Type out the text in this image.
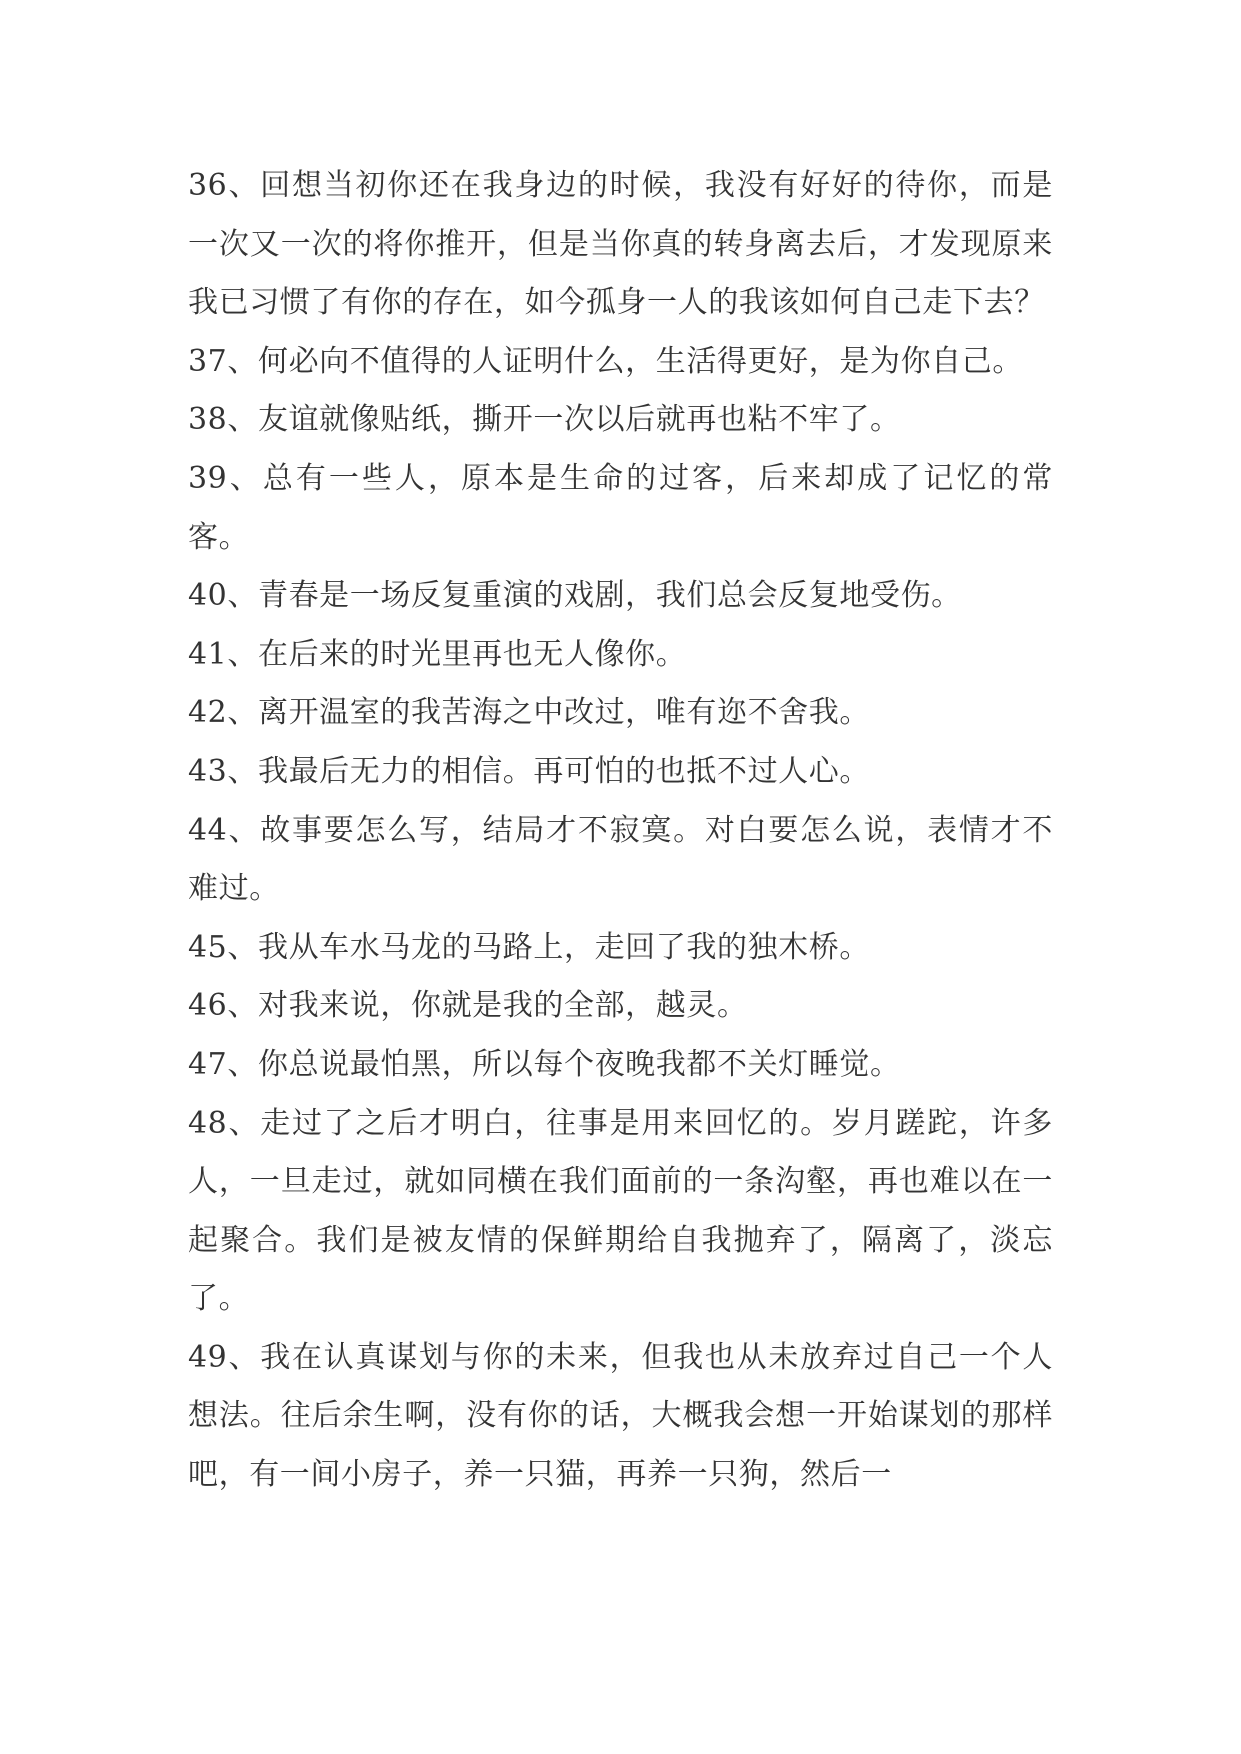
36、回想当初你还在我身边的时候，我没有好好的待你，而是一次又一次的将你推开，但是当你真的转身离去后，才发现原来我已习惯了有你的存在，如今孤身一人的我该如何自己走下去？

37、何必向不值得的人证明什么，生活得更好，是为你自己。

38、友谊就像贴纸，撕开一次以后就再也粘不牢了。

39、总有一些人，原本是生命的过客，后来却成了记忆的常客。

40、青春是一场反复重演的戏剧，我们总会反复地受伤。

41、在后来的时光里再也无人像你。

42、离开温室的我苦海之中改过，唯有迩不舍我。

43、我最后无力的相信。再可怕的也抵不过人心。

44、故事要怎么写，结局才不寂寞。对白要怎么说，表情才不难过。

45、我从车水马龙的马路上，走回了我的独木桥。

46、对我来说，你就是我的全部，越灵。

47、你总说最怕黑，所以每个夜晚我都不关灯睡觉。

48、走过了之后才明白，往事是用来回忆的。岁月蹉跎，许多人，一旦走过，就如同横在我们面前的一条沟壑，再也难以在一起聚合。我们是被友情的保鲜期给自我抛弃了，隔离了，淡忘了。

49、我在认真谋划与你的未来，但我也从未放弃过自己一个人想法。往后余生啊，没有你的话，大概我会想一开始谋划的那样吧，有一间小房子，养一只猫，再养一只狗，然后一
